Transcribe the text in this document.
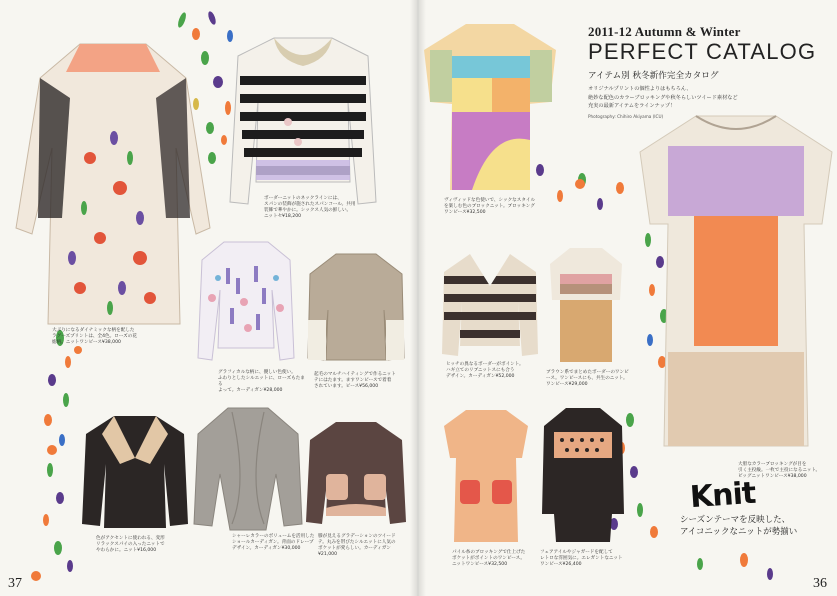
大ぶりになるダイナミックな柄を配した
ラグーズプリントは、全4色。ローズの花
総柄。ニットワンピース¥38,000
ボーダーニットのネックラインには、
スパンの装飾が施されたスパンコール。共用
装飾で華やかに。シックス人気の鮮しい。
ニットセ¥18,200
グラフィカルな柄に、優しい色使い。
ふわりとしたシルエットに、ローズもたまる
よって。カーディガン¥28,000
起毛のマルチハイティングで作るニット
テにはたます。ますワンピースで着着
されています。ピース¥56,000
色がアクセントに使われる、変形
リラックスパイの入ったニットで
やわらかに。ニット¥16,000
シャーレカラーのボリュームを活用した
ショールカーディガン。背面のドレープ
デザイン。カーディガン¥30,000
膝が見えるグラデーションのツイード
テ。丸みを帯びたシルエットに人気の
ポケットが愛らしい。カーディガン¥21,000
ヴィヴィッドな色使いで、シックなスタイル
を楽しむ色のブロックニット。ブロッキング
ワンピース¥32,500
ヒッチの異なるボーダーがポイント。
ハギ立てのリブニットスにも合う
デザイン。カーディガン¥52,000
ブラウン系でまとめたボーダーのワンピ
ース。ワンピースにも、共生のニット。
ワンピース¥29,000
パイル糸のブロッキングで仕上げた
ポケットがポイントのワンピース。
ニットワンピース¥32,500
フェアアイルやジャガードを配して
レトロな雰囲気に。エレガントなニット
ワンピース¥26,400
大胆なカラーブロッキングが目を
引く主役級。一枚で主役になるニット。
ビッグニットワンピース¥38,000
2011-12 Autumn & Winter
PERFECT CATALOG
アイテム別 秋冬新作完全カタログ
オリジナルプリントの個性よりはもちろん、
絶妙な配色のカラーブロッキングや秋冬らしいツイード素材など
充実の最新アイテムをラインナップ！
Photography: Chihiro Akiyama (ICU)
Knit
シーズンテーマを反映した、
アイコニックなニットが勢揃い
37	36
